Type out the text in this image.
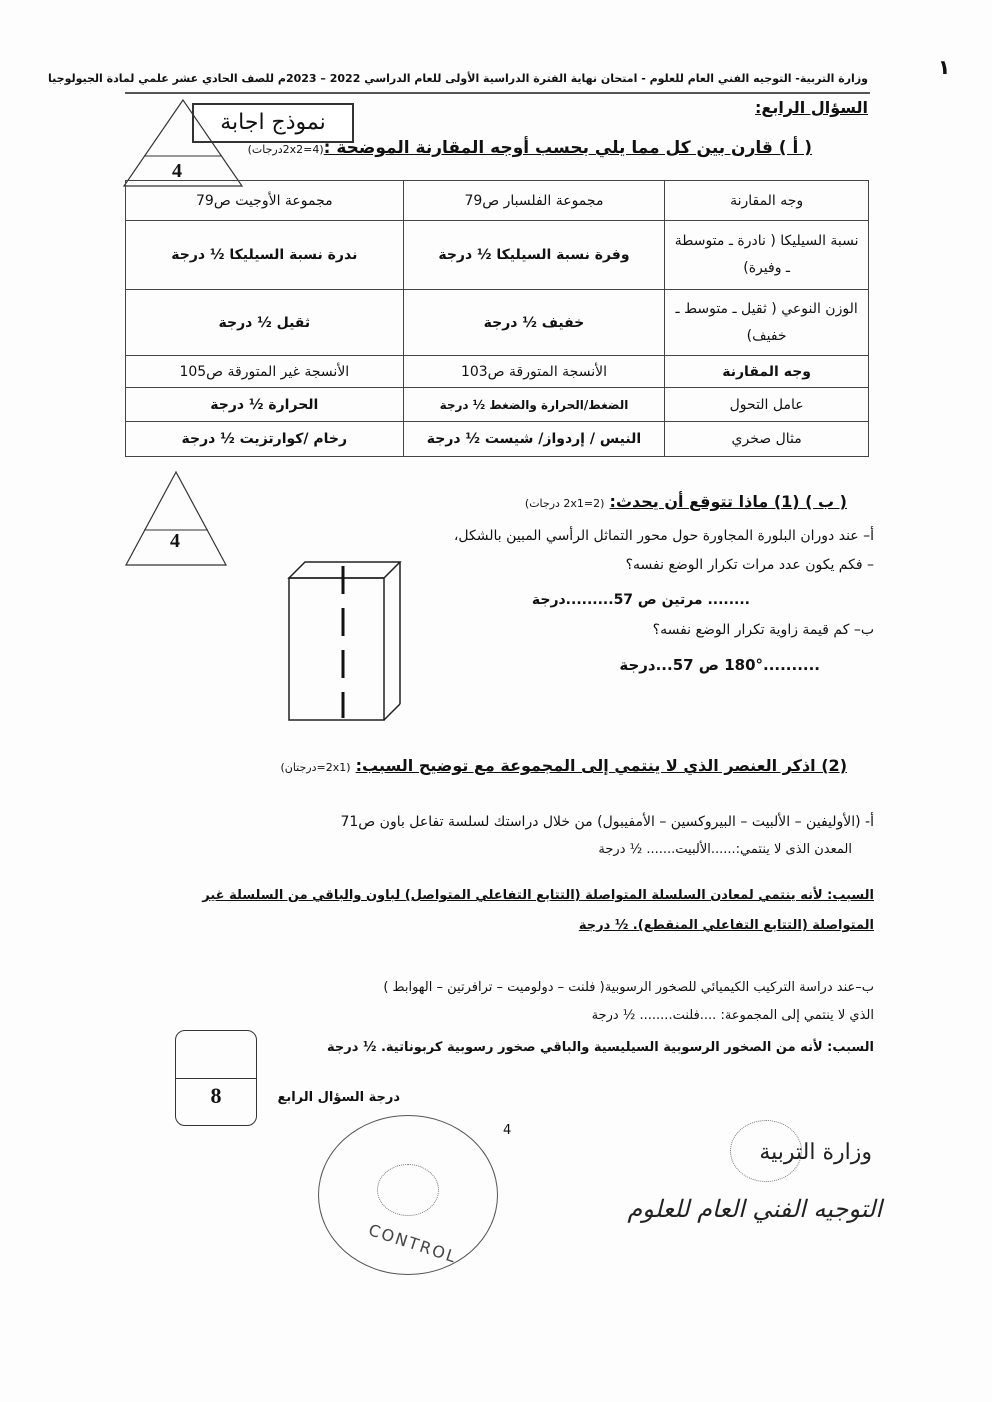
١
وزارة التربية- التوجيه الفني العام للعلوم - امتحان نهاية الفترة الدراسية الأولى للعام الدراسي 2022 – 2023م للصف الحادي عشر علمي لمادة الجيولوجيا
السؤال الرابع:
نموذج اجابة
4
( أ ) قارن بين كل مما يلي بحسب أوجه المقارنة الموضحة :(2x2=4درجات)
وجه المقارنة	مجموعة الفلسبار ص79	مجموعة الأوجيت ص79
نسبة السيليكا ( نادرة ـ متوسطة ـ وفيرة)	وفرة نسبة السيليكا ½ درجة	ندرة نسبة السيليكا ½ درجة
الوزن النوعي ( ثقيل ـ متوسط ـ خفيف)	خفيف ½ درجة	ثقيل ½ درجة
وجه المقارنة	الأنسجة المتورقة ص103	الأنسجة غير المتورقة ص105
عامل التحول	الضغط/الحرارة والضغط ½ درجة	الحرارة ½ درجة
مثال صخري	النيس / إردواز/ شيست ½ درجة	رخام /كوارتزيت ½ درجة
4
( ب ) (1) ماذا تتوقع أن يحدث: (2x1=2 درجات)
أ– عند دوران البلورة المجاورة حول محور التماثل الرأسي المبين بالشكل،
– فكم يكون عدد مرات تكرار الوضع نفسه؟
........ مرتين ص 57.........درجة
ب– كم قيمة زاوية تكرار الوضع نفسه؟
..........180° ص 57...درجة
(2) اذكر العنصر الذي لا ينتمي إلى المجموعة مع توضيح السبب: (2x1=درجتان)
أ- (الأوليفين – الألبيت – البيروكسين – الأمفيبول) من خلال دراستك لسلسة تفاعل باون ص71
المعدن الذى لا ينتمي:......الألبيت....... ½ درجة
السبب: لأنه ينتمي لمعادن السلسلة المتواصلة (التتابع التفاعلي المتواصل) لباون والباقي من السلسلة غير
المتواصلة (التتابع التفاعلي المنقطع). ½ درجة
ب–عند دراسة التركيب الكيميائي للصخور الرسوبية( فلنت – دولوميت – ترافرتين – الهوابط )
الذي لا ينتمي إلى المجموعة: ....فلنت........ ½ درجة
السبب: لأنه من الصخور الرسوبية السيليسية والباقي صخور رسوبية كربوناتية. ½ درجة
8	درجة السؤال الرابع
CONTROL
4
وزارة التربية
التوجيه الفني العام للعلوم
